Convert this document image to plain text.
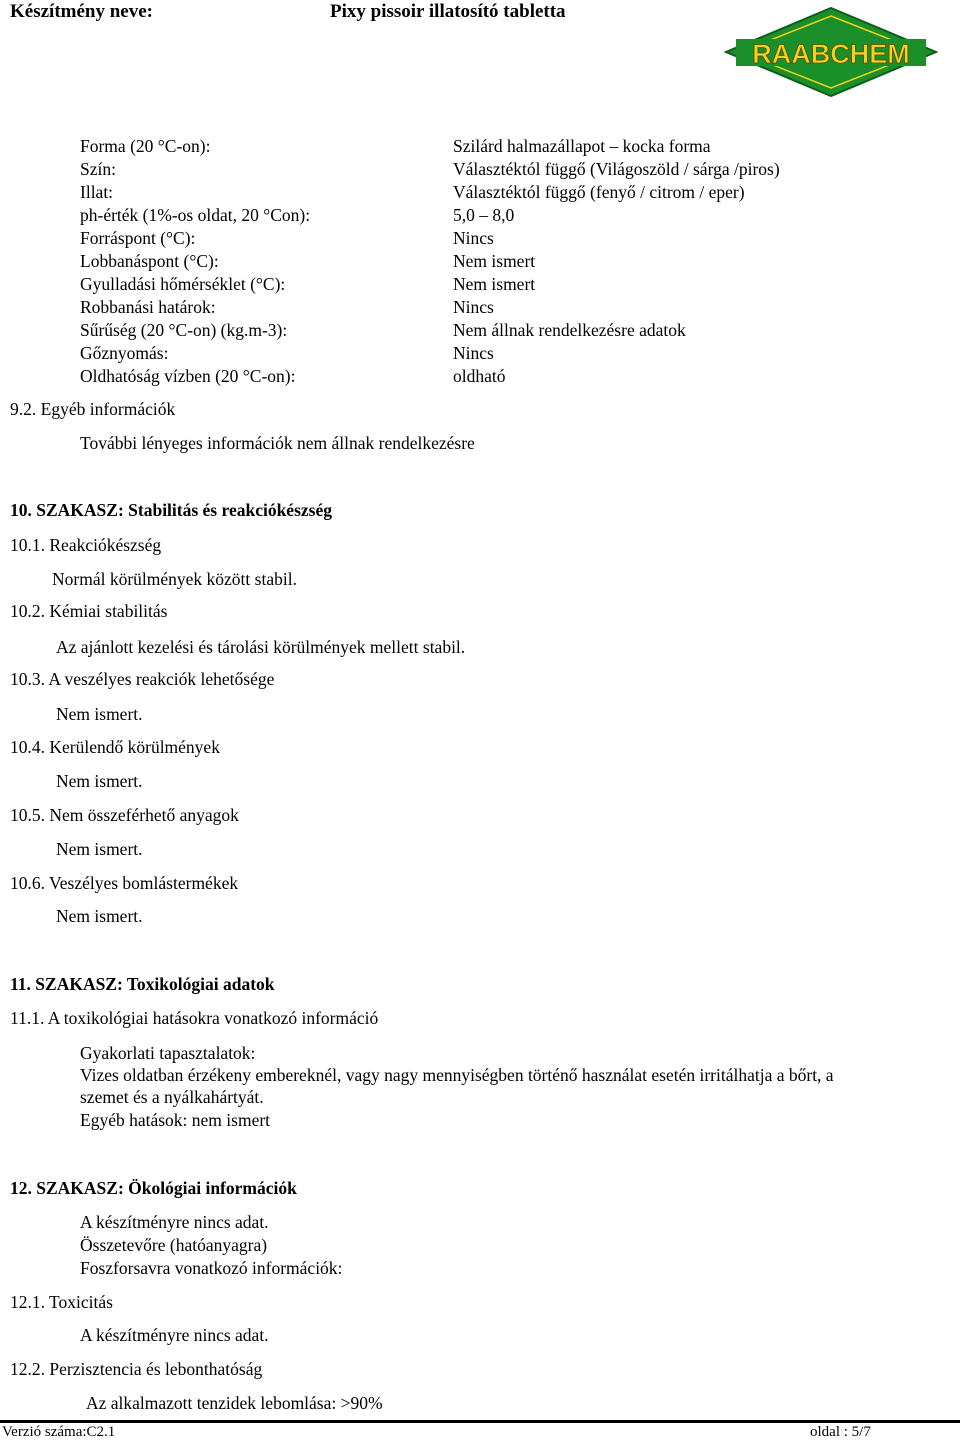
Készítmény neve:	Pixy pissoir illatosító tabletta
RAABCHEM
Forma (20 °C-on):	Szilárd halmazállapot – kocka forma
Szín:	Választéktól függő (Világoszöld / sárga /piros)
Illat:	Választéktól függő (fenyő / citrom / eper)
ph-érték (1%-os oldat, 20 °Con):	5,0 – 8,0
Forráspont (°C):	Nincs
Lobbanáspont (°C):	Nem ismert
Gyulladási hőmérséklet (°C):	Nem ismert
Robbanási határok:	Nincs
Sűrűség (20 °C-on) (kg.m-3):	Nem állnak rendelkezésre adatok
Gőznyomás:	Nincs
Oldhatóság vízben (20 °C-on):	oldható
9.2. Egyéb információk
További lényeges információk nem állnak rendelkezésre
10. SZAKASZ: Stabilitás és reakciókészség
10.1. Reakciókészség
Normál körülmények között stabil.
10.2. Kémiai stabilitás
Az ajánlott kezelési és tárolási körülmények mellett stabil.
10.3. A veszélyes reakciók lehetősége
Nem ismert.
10.4. Kerülendő körülmények
Nem ismert.
10.5. Nem összeférhető anyagok
Nem ismert.
10.6. Veszélyes bomlástermékek
Nem ismert.
11. SZAKASZ: Toxikológiai adatok
11.1. A toxikológiai hatásokra vonatkozó információ
Gyakorlati tapasztalatok:
Vizes oldatban érzékeny embereknél, vagy nagy mennyiségben történő használat esetén irritálhatja a bőrt, a
szemet és a nyálkahártyát.
Egyéb hatások: nem ismert
12. SZAKASZ: Ökológiai információk
A készítményre nincs adat.
Összetevőre (hatóanyagra)
Foszforsavra vonatkozó információk:
12.1. Toxicitás
A készítményre nincs adat.
12.2. Perzisztencia és lebonthatóság
Az alkalmazott tenzidek lebomlása: >90%
Verzió száma:C2.1	oldal : 5/7
